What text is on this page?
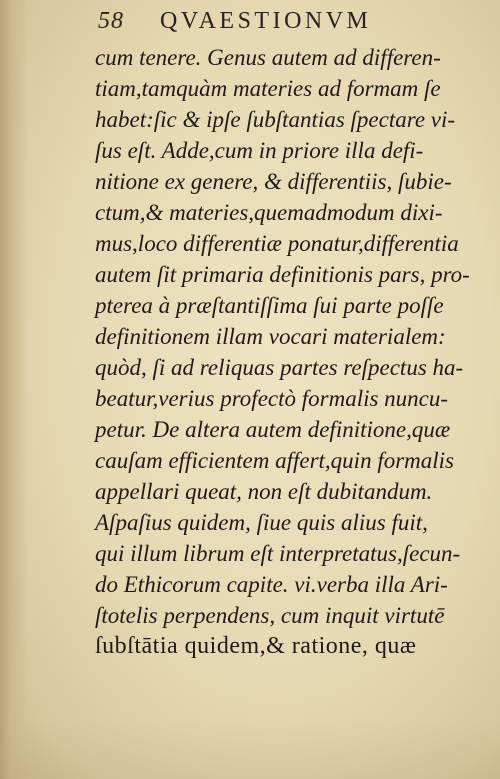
58 QVAESTIONVM
cum tenere. Genus autem ad differen-
tiam,tamquàm materies ad formam ſe
habet:ſic & ipſe ſubſtantias ſpectare vi-
ſus eſt. Adde,cum in priore illa defi-
nitione ex genere, & differentiis, ſubie-
ctum,& materies,quemadmodum dixi-
mus,loco differentiæ ponatur,differentia
autem ſit primaria definitionis pars, pro-
pterea à præſtantiſſima ſui parte poſſe
definitionem illam vocari materialem:
quòd, ſi ad reliquas partes reſpectus ha-
beatur,verius profectò formalis nuncu-
petur. De altera autem definitione,quæ
cauſam efficientem affert,quin formalis
appellari queat, non eſt dubitandum.
Aſpaſius quidem, ſiue quis alius fuit,
qui illum librum eſt interpretatus,ſecun-
do Ethicorum capite. vi.verba illa Ari-
ſtotelis perpendens, cum inquit virtutē
ſubſtātia quidem,& ratione, quæ
